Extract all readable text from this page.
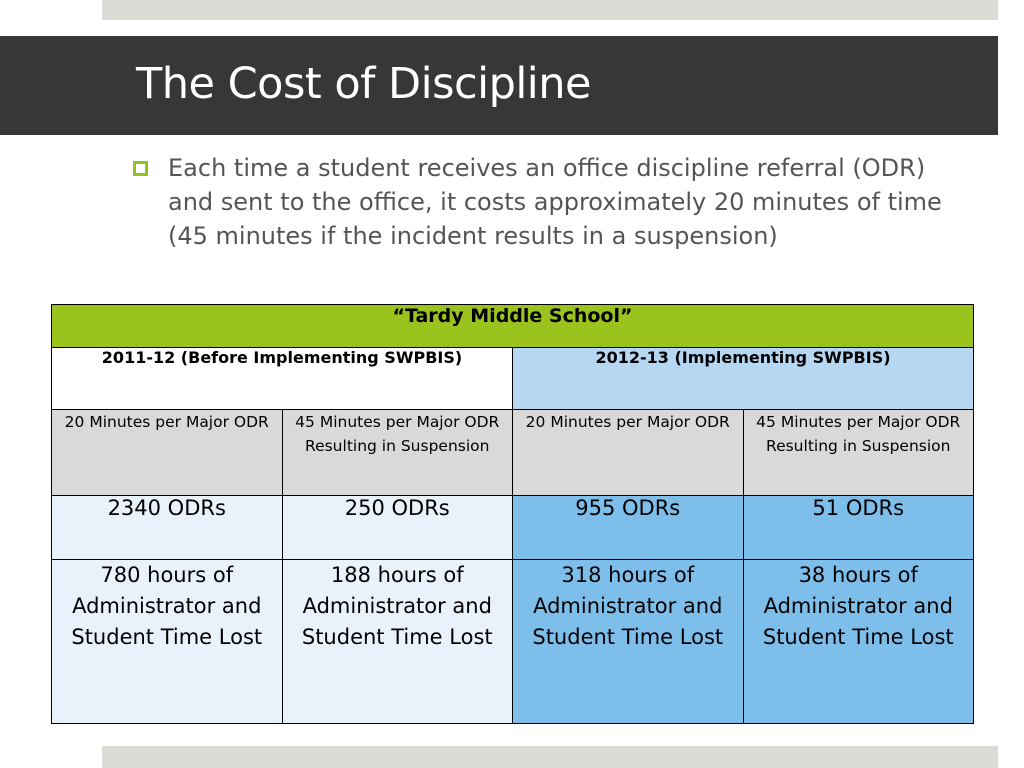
The Cost of Discipline

Each time a student receives an office discipline referral (ODR) and sent to the office, it costs approximately 20 minutes of time (45 minutes if the incident results in a suspension)

“Tardy Middle School”			
2011-12 (Before Implementing SWPBIS)		2012-13 (Implementing SWPBIS)	
20 Minutes per Major ODR	45 Minutes per Major ODR Resulting in Suspension	20 Minutes per Major ODR	45 Minutes per Major ODR Resulting in Suspension
2340 ODRs	250 ODRs	955 ODRs	51 ODRs
780 hours of Administrator and Student Time Lost	188 hours of Administrator and Student Time Lost	318 hours of Administrator and Student Time Lost	38 hours of Administrator and Student Time Lost
